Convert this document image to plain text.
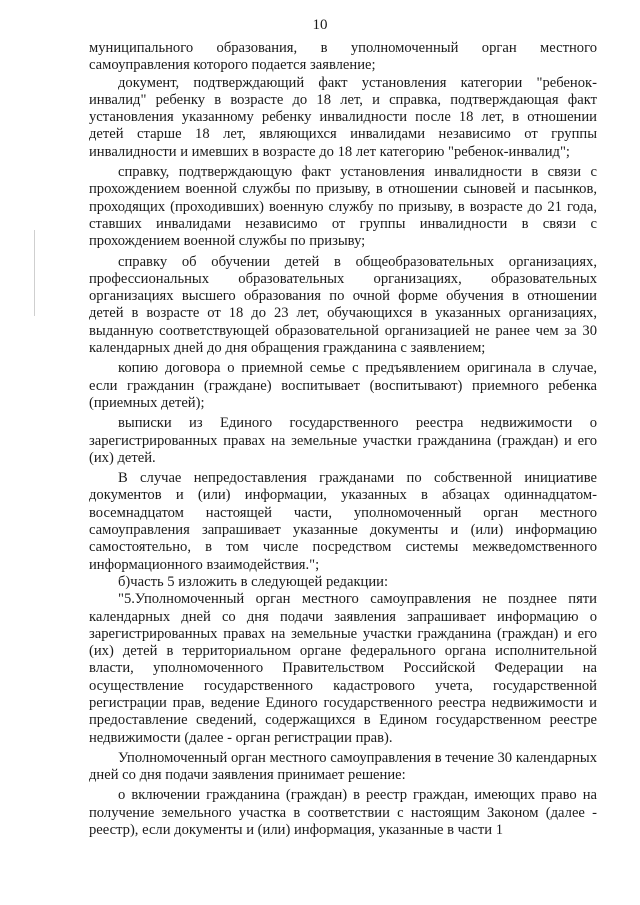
10

муниципального образования, в уполномоченный орган местного самоуправления которого подается заявление;

документ, подтверждающий факт установления категории "ребенок-инвалид" ребенку в возрасте до 18 лет, и справка, подтверждающая факт установления указанному ребенку инвалидности после 18 лет, в отношении детей старше 18 лет, являющихся инвалидами независимо от группы инвалидности и имевших в возрасте до 18 лет категорию "ребенок-инвалид";

справку, подтверждающую факт установления инвалидности в связи с прохождением военной службы по призыву, в отношении сыновей и пасынков, проходящих (проходивших) военную службу по призыву, в возрасте до 21 года, ставших инвалидами независимо от группы инвалидности в связи с прохождением военной службы по призыву;

справку об обучении детей в общеобразовательных организациях, профессиональных образовательных организациях, образовательных организациях высшего образования по очной форме обучения в отношении детей в возрасте от 18 до 23 лет, обучающихся в указанных организациях, выданную соответствующей образовательной организацией не ранее чем за 30 календарных дней до дня обращения гражданина с заявлением;

копию договора о приемной семье с предъявлением оригинала в случае, если гражданин (граждане) воспитывает (воспитывают) приемного ребенка (приемных детей);

выписки из Единого государственного реестра недвижимости о зарегистрированных правах на земельные участки гражданина (граждан) и его (их) детей.

В случае непредоставления гражданами по собственной инициативе документов и (или) информации, указанных в абзацах одиннадцатом-восемнадцатом настоящей части, уполномоченный орган местного самоуправления запрашивает указанные документы и (или) информацию самостоятельно, в том числе посредством системы межведомственного информационного взаимодействия.";

б)часть 5 изложить в следующей редакции:

"5.Уполномоченный орган местного самоуправления не позднее пяти календарных дней со дня подачи заявления запрашивает информацию о зарегистрированных правах на земельные участки гражданина (граждан) и его (их) детей в территориальном органе федерального органа исполнительной власти, уполномоченного Правительством Российской Федерации на осуществление государственного кадастрового учета, государственной регистрации прав, ведение Единого государственного реестра недвижимости и предоставление сведений, содержащихся в Едином государственном реестре недвижимости (далее - орган регистрации прав).

Уполномоченный орган местного самоуправления в течение 30 календарных дней со дня подачи заявления принимает решение:

о включении гражданина (граждан) в реестр граждан, имеющих право на получение земельного участка в соответствии с настоящим Законом (далее - реестр), если документы и (или) информация, указанные в части 1
